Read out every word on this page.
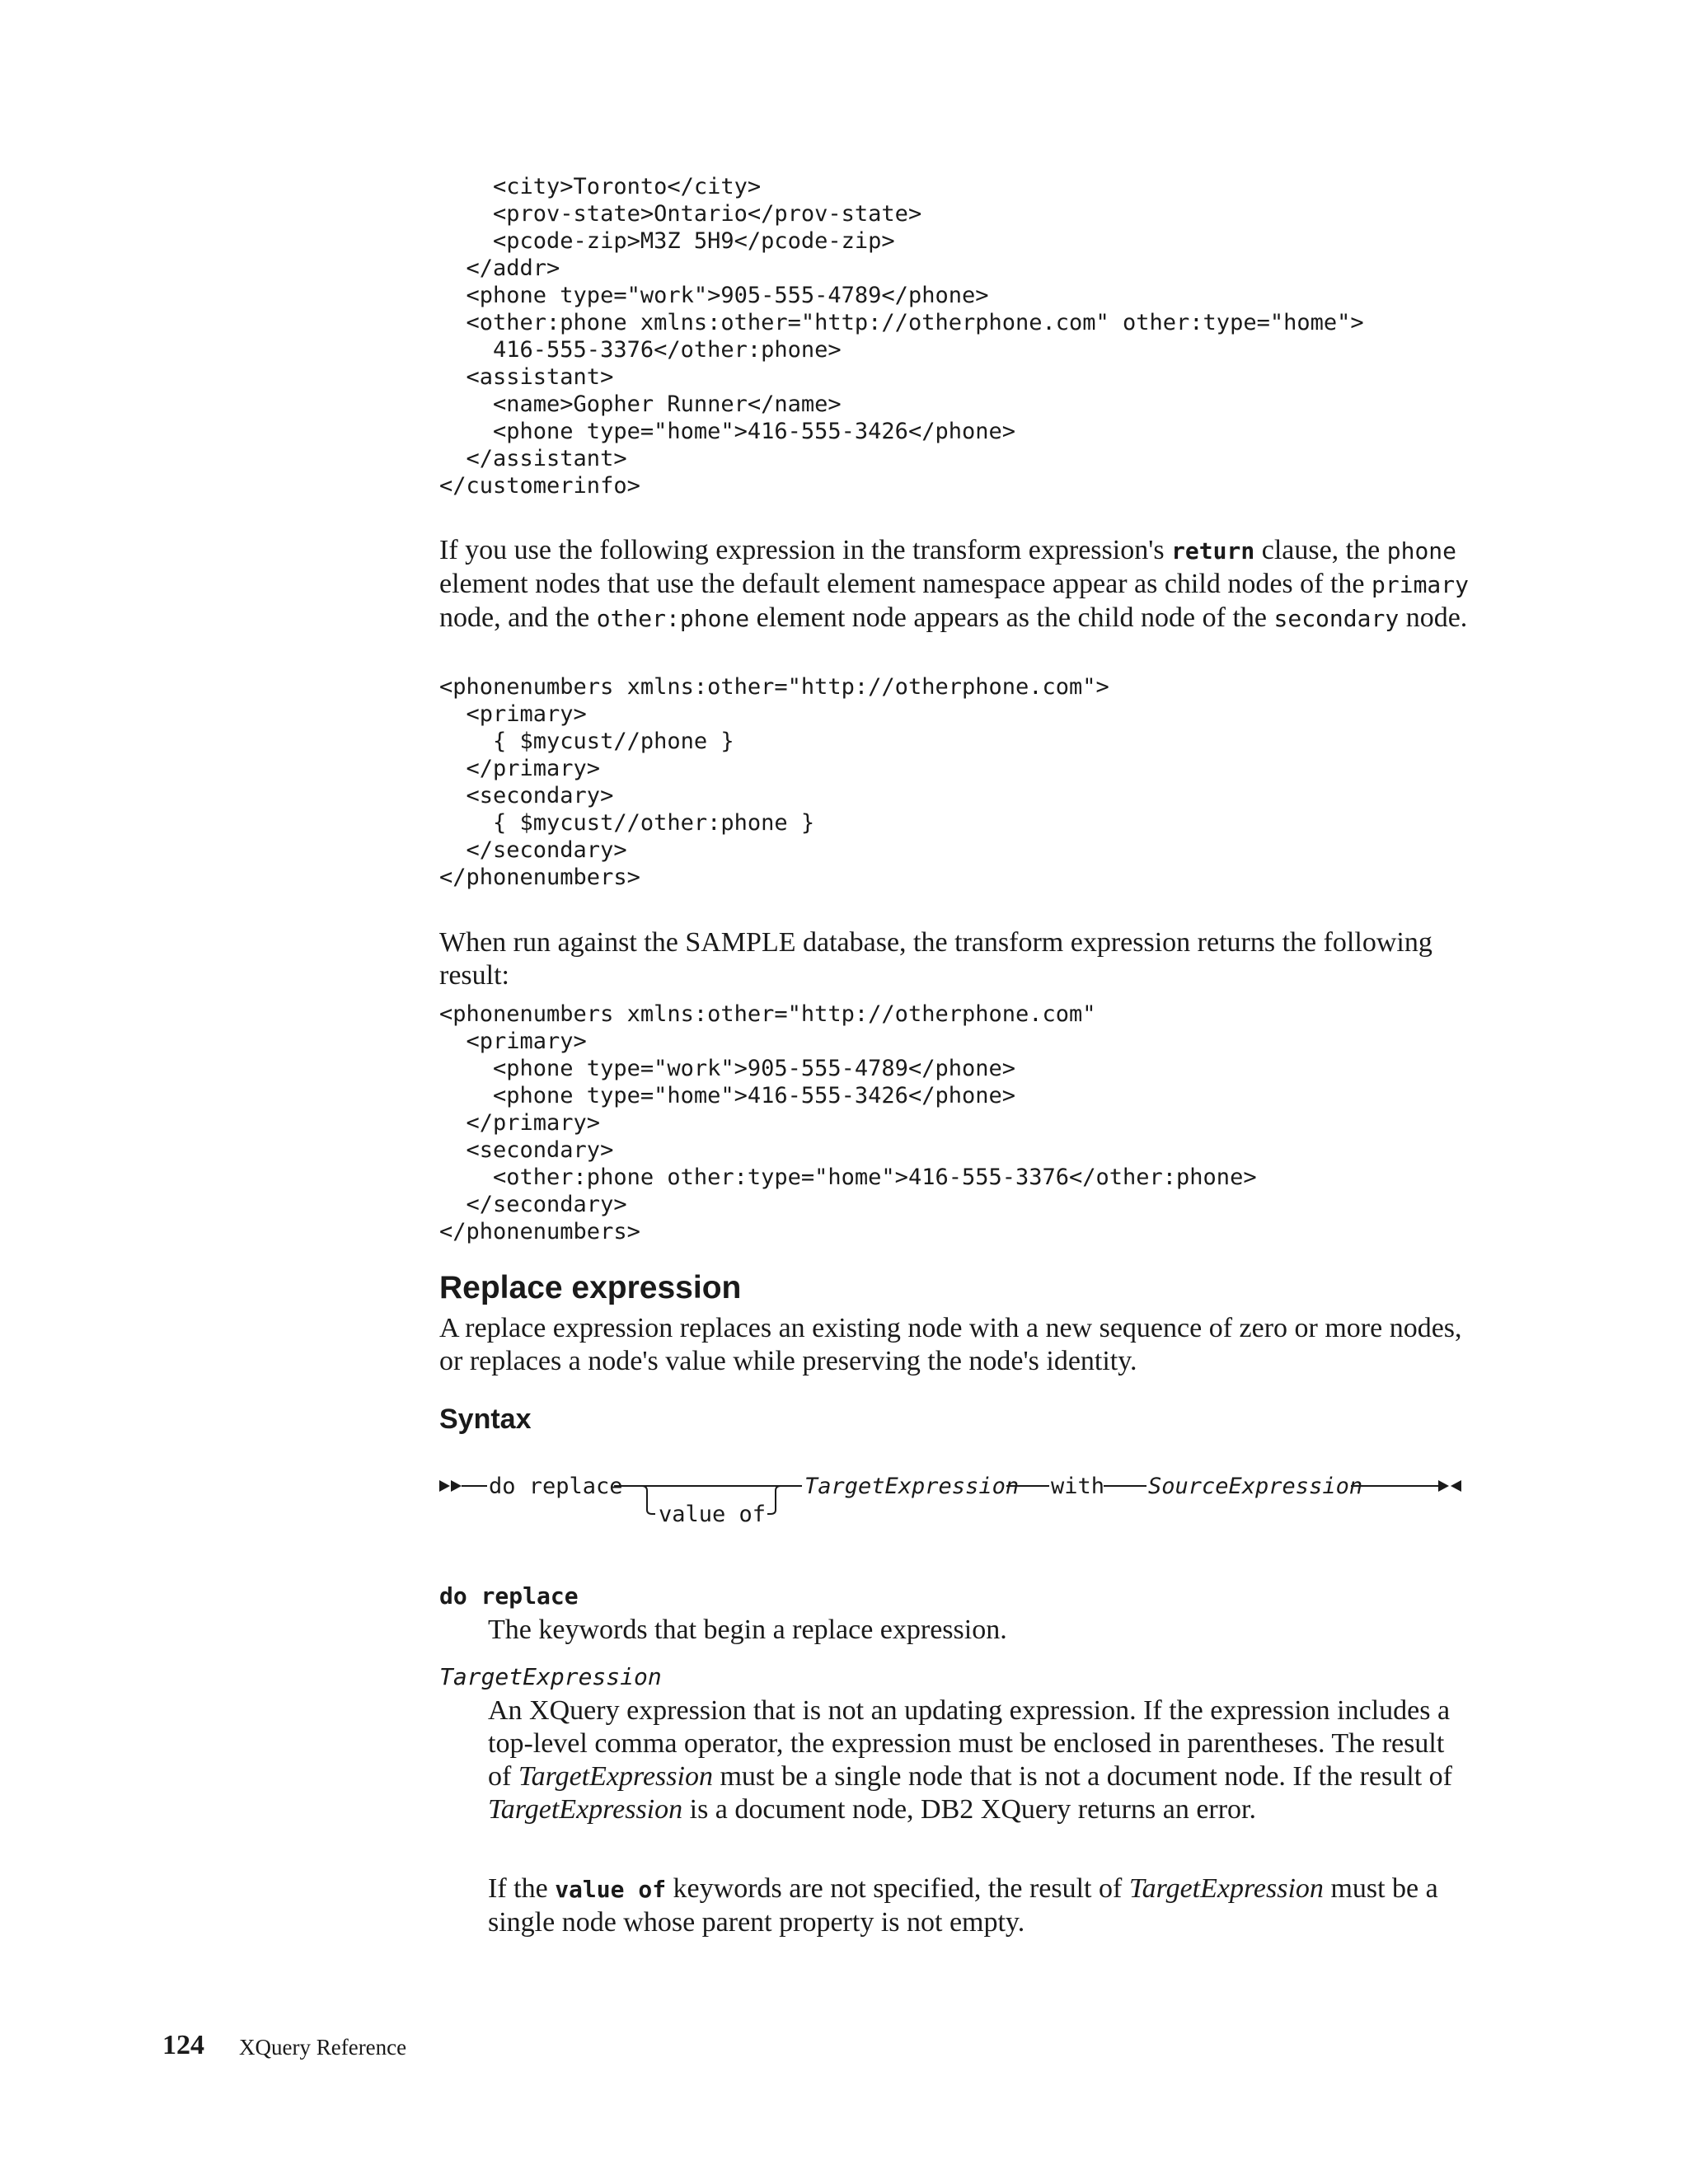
<city>Toronto</city>
<prov-state>Ontario</prov-state>
<pcode-zip>M3Z 5H9</pcode-zip>
</addr>
<phone type="work">905-555-4789</phone>
<other:phone xmlns:other="http://otherphone.com" other:type="home">
416-555-3376</other:phone>
<assistant>
<name>Gopher Runner</name>
<phone type="home">416-555-3426</phone>
</assistant>
</customerinfo>

If you use the following expression in the transform expression's return clause, the phone element nodes that use the default element namespace appear as child nodes of the primary node, and the other:phone element node appears as the child node of the secondary node.

<phonenumbers xmlns:other="http://otherphone.com">
<primary>
{ $mycust//phone }
</primary>
<secondary>
{ $mycust//other:phone }
</secondary>
</phonenumbers>

When run against the SAMPLE database, the transform expression returns the following result:

<phonenumbers xmlns:other="http://otherphone.com"
<primary>
<phone type="work">905-555-4789</phone>
<phone type="home">416-555-3426</phone>
</primary>
<secondary>
<other:phone other:type="home">416-555-3376</other:phone>
</secondary>
</phonenumbers>
Replace expression

A replace expression replaces an existing node with a new sequence of zero or more nodes, or replaces a node's value while preserving the node's identity.

Syntax
do replace
value of
TargetExpression with SourceExpression
do replace

The keywords that begin a replace expression.

TargetExpression

An XQuery expression that is not an updating expression. If the expression includes a top-level comma operator, the expression must be enclosed in parentheses. The result of TargetExpression must be a single node that is not a document node. If the result of TargetExpression is a document node, DB2 XQuery returns an error.

If the value of keywords are not specified, the result of TargetExpression must be a single node whose parent property is not empty.

124 XQuery Reference
